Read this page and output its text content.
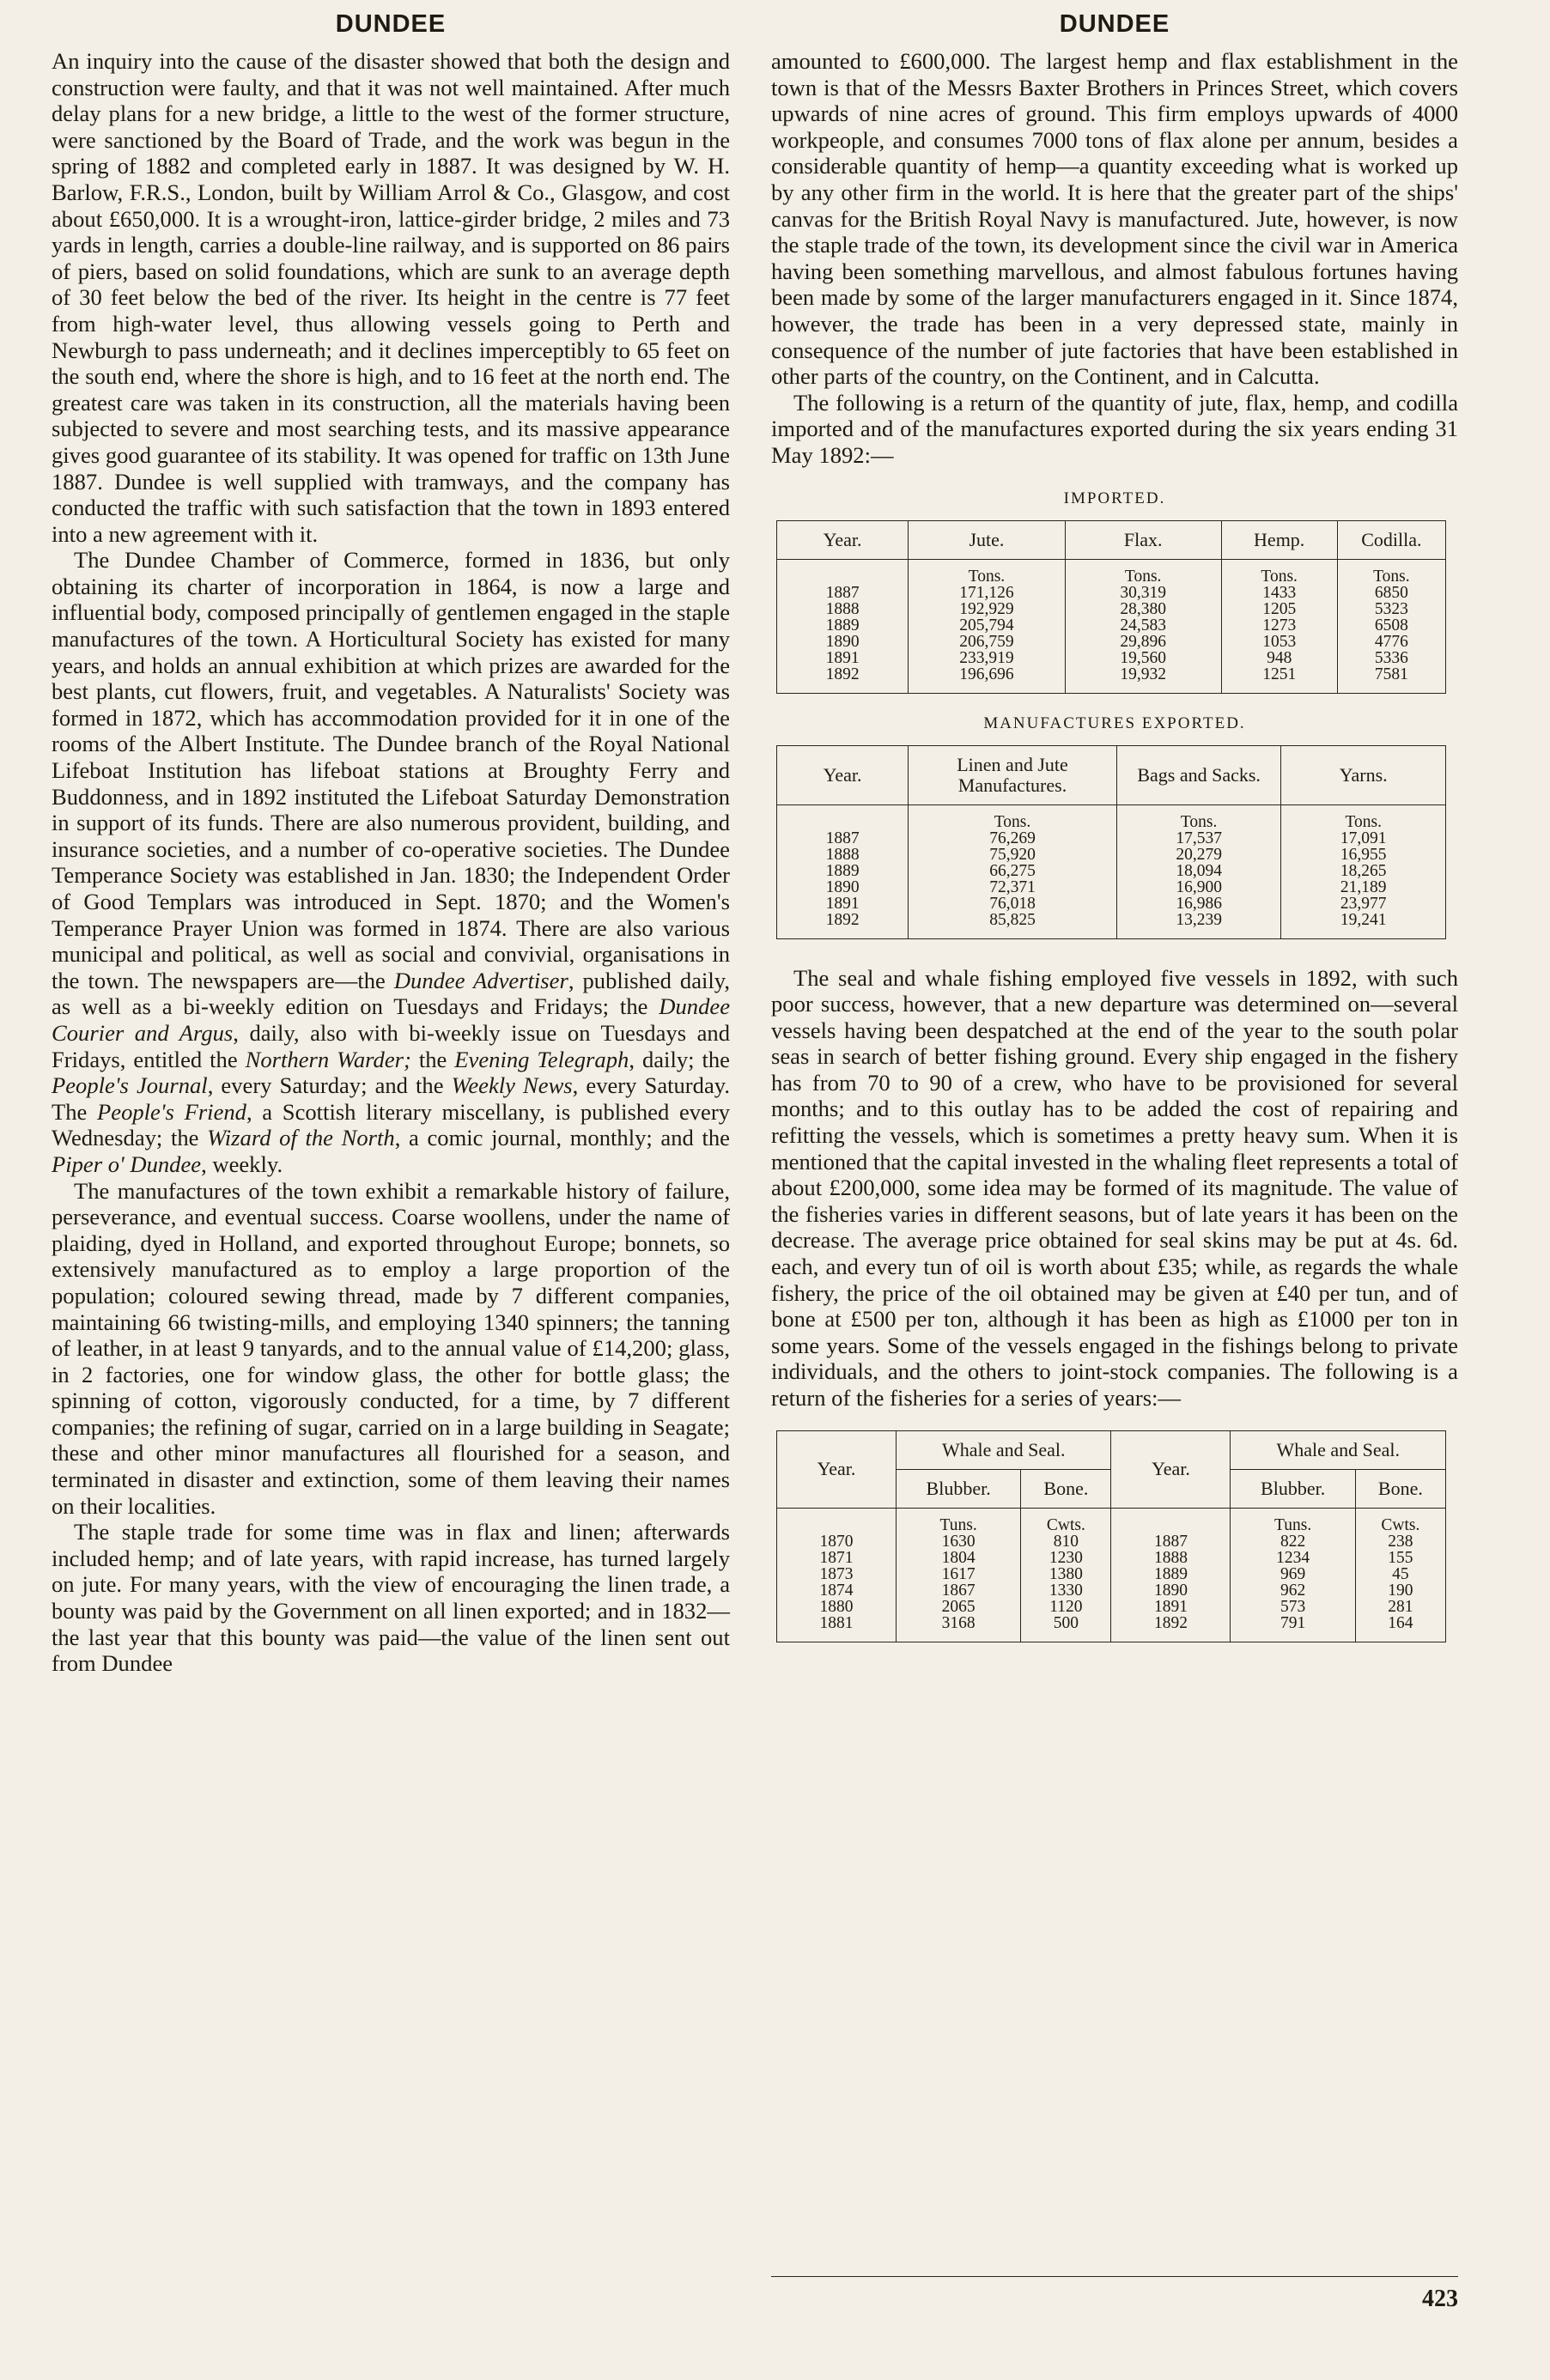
DUNDEE

An inquiry into the cause of the disaster showed that both the design and construction were faulty, and that it was not well maintained. After much delay plans for a new bridge, a little to the west of the former structure, were sanctioned by the Board of Trade, and the work was begun in the spring of 1882 and completed early in 1887. It was designed by W. H. Barlow, F.R.S., London, built by William Arrol & Co., Glasgow, and cost about £650,000. It is a wrought-iron, lattice-girder bridge, 2 miles and 73 yards in length, carries a double-line railway, and is supported on 86 pairs of piers, based on solid foundations, which are sunk to an average depth of 30 feet below the bed of the river. Its height in the centre is 77 feet from high-water level, thus allowing vessels going to Perth and Newburgh to pass underneath; and it declines imperceptibly to 65 feet on the south end, where the shore is high, and to 16 feet at the north end. The greatest care was taken in its construction, all the materials having been subjected to severe and most searching tests, and its massive appearance gives good guarantee of its stability. It was opened for traffic on 13th June 1887. Dundee is well supplied with tramways, and the company has conducted the traffic with such satisfaction that the town in 1893 entered into a new agreement with it.

The Dundee Chamber of Commerce, formed in 1836, but only obtaining its charter of incorporation in 1864, is now a large and influential body, composed principally of gentlemen engaged in the staple manufactures of the town. A Horticultural Society has existed for many years, and holds an annual exhibition at which prizes are awarded for the best plants, cut flowers, fruit, and vegetables. A Naturalists' Society was formed in 1872, which has accommodation provided for it in one of the rooms of the Albert Institute. The Dundee branch of the Royal National Lifeboat Institution has lifeboat stations at Broughty Ferry and Buddonness, and in 1892 instituted the Lifeboat Saturday Demonstration in support of its funds. There are also numerous provident, building, and insurance societies, and a number of co-operative societies. The Dundee Temperance Society was established in Jan. 1830; the Independent Order of Good Templars was introduced in Sept. 1870; and the Women's Temperance Prayer Union was formed in 1874. There are also various municipal and political, as well as social and convivial, organisations in the town. The newspapers are—the Dundee Advertiser, published daily, as well as a bi-weekly edition on Tuesdays and Fridays; the Dundee Courier and Argus, daily, also with bi-weekly issue on Tuesdays and Fridays, entitled the Northern Warder; the Evening Telegraph, daily; the People's Journal, every Saturday; and the Weekly News, every Saturday. The People's Friend, a Scottish literary miscellany, is published every Wednesday; the Wizard of the North, a comic journal, monthly; and the Piper o' Dundee, weekly.

The manufactures of the town exhibit a remarkable history of failure, perseverance, and eventual success. Coarse woollens, under the name of plaiding, dyed in Holland, and exported throughout Europe; bonnets, so extensively manufactured as to employ a large proportion of the population; coloured sewing thread, made by 7 different companies, maintaining 66 twisting-mills, and employing 1340 spinners; the tanning of leather, in at least 9 tanyards, and to the annual value of £14,200; glass, in 2 factories, one for window glass, the other for bottle glass; the spinning of cotton, vigorously conducted, for a time, by 7 different companies; the refining of sugar, carried on in a large building in Seagate; these and other minor manufactures all flourished for a season, and terminated in disaster and extinction, some of them leaving their names on their localities.

The staple trade for some time was in flax and linen; afterwards included hemp; and of late years, with rapid increase, has turned largely on jute. For many years, with the view of encouraging the linen trade, a bounty was paid by the Government on all linen exported; and in 1832—the last year that this bounty was paid—the value of the linen sent out from Dundee

DUNDEE

amounted to £600,000. The largest hemp and flax establishment in the town is that of the Messrs Baxter Brothers in Princes Street, which covers upwards of nine acres of ground. This firm employs upwards of 4000 workpeople, and consumes 7000 tons of flax alone per annum, besides a considerable quantity of hemp—a quantity exceeding what is worked up by any other firm in the world. It is here that the greater part of the ships' canvas for the British Royal Navy is manufactured. Jute, however, is now the staple trade of the town, its development since the civil war in America having been something marvellous, and almost fabulous fortunes having been made by some of the larger manufacturers engaged in it. Since 1874, however, the trade has been in a very depressed state, mainly in consequence of the number of jute factories that have been established in other parts of the country, on the Continent, and in Calcutta.

The following is a return of the quantity of jute, flax, hemp, and codilla imported and of the manufactures exported during the six years ending 31 May 1892:—

IMPORTED.
Year.	Jute.	Flax.	Hemp.	Codilla.
	Tons.	Tons.	Tons.	Tons.
1887	171,126	30,319	1433	6850
1888	192,929	28,380	1205	5323
1889	205,794	24,583	1273	6508
1890	206,759	29,896	1053	4776
1891	233,919	19,560	948	5336
1892	196,696	19,932	1251	7581
MANUFACTURES EXPORTED.
Year.	Linen and Jute Manufactures.	Bags and Sacks.	Yarns.
	Tons.	Tons.	Tons.
1887	76,269	17,537	17,091
1888	75,920	20,279	16,955
1889	66,275	18,094	18,265
1890	72,371	16,900	21,189
1891	76,018	16,986	23,977
1892	85,825	13,239	19,241

The seal and whale fishing employed five vessels in 1892, with such poor success, however, that a new departure was determined on—several vessels having been despatched at the end of the year to the south polar seas in search of better fishing ground. Every ship engaged in the fishery has from 70 to 90 of a crew, who have to be provisioned for several months; and to this outlay has to be added the cost of repairing and refitting the vessels, which is sometimes a pretty heavy sum. When it is mentioned that the capital invested in the whaling fleet represents a total of about £200,000, some idea may be formed of its magnitude. The value of the fisheries varies in different seasons, but of late years it has been on the decrease. The average price obtained for seal skins may be put at 4s. 6d. each, and every tun of oil is worth about £35; while, as regards the whale fishery, the price of the oil obtained may be given at £40 per tun, and of bone at £500 per ton, although it has been as high as £1000 per ton in some years. Some of the vessels engaged in the fishings belong to private individuals, and the others to joint-stock companies. The following is a return of the fisheries for a series of years:—

Year.	Whale and Seal.		Year.	Whale and Seal.	
	Blubber.	Bone.		Blubber.	Bone.
	Tuns.	Cwts.		Tuns.	Cwts.
1870	1630	810	1887	822	238
1871	1804	1230	1888	1234	155
1873	1617	1380	1889	969	45
1874	1867	1330	1890	962	190
1880	2065	1120	1891	573	281
1881	3168	500	1892	791	164
423
